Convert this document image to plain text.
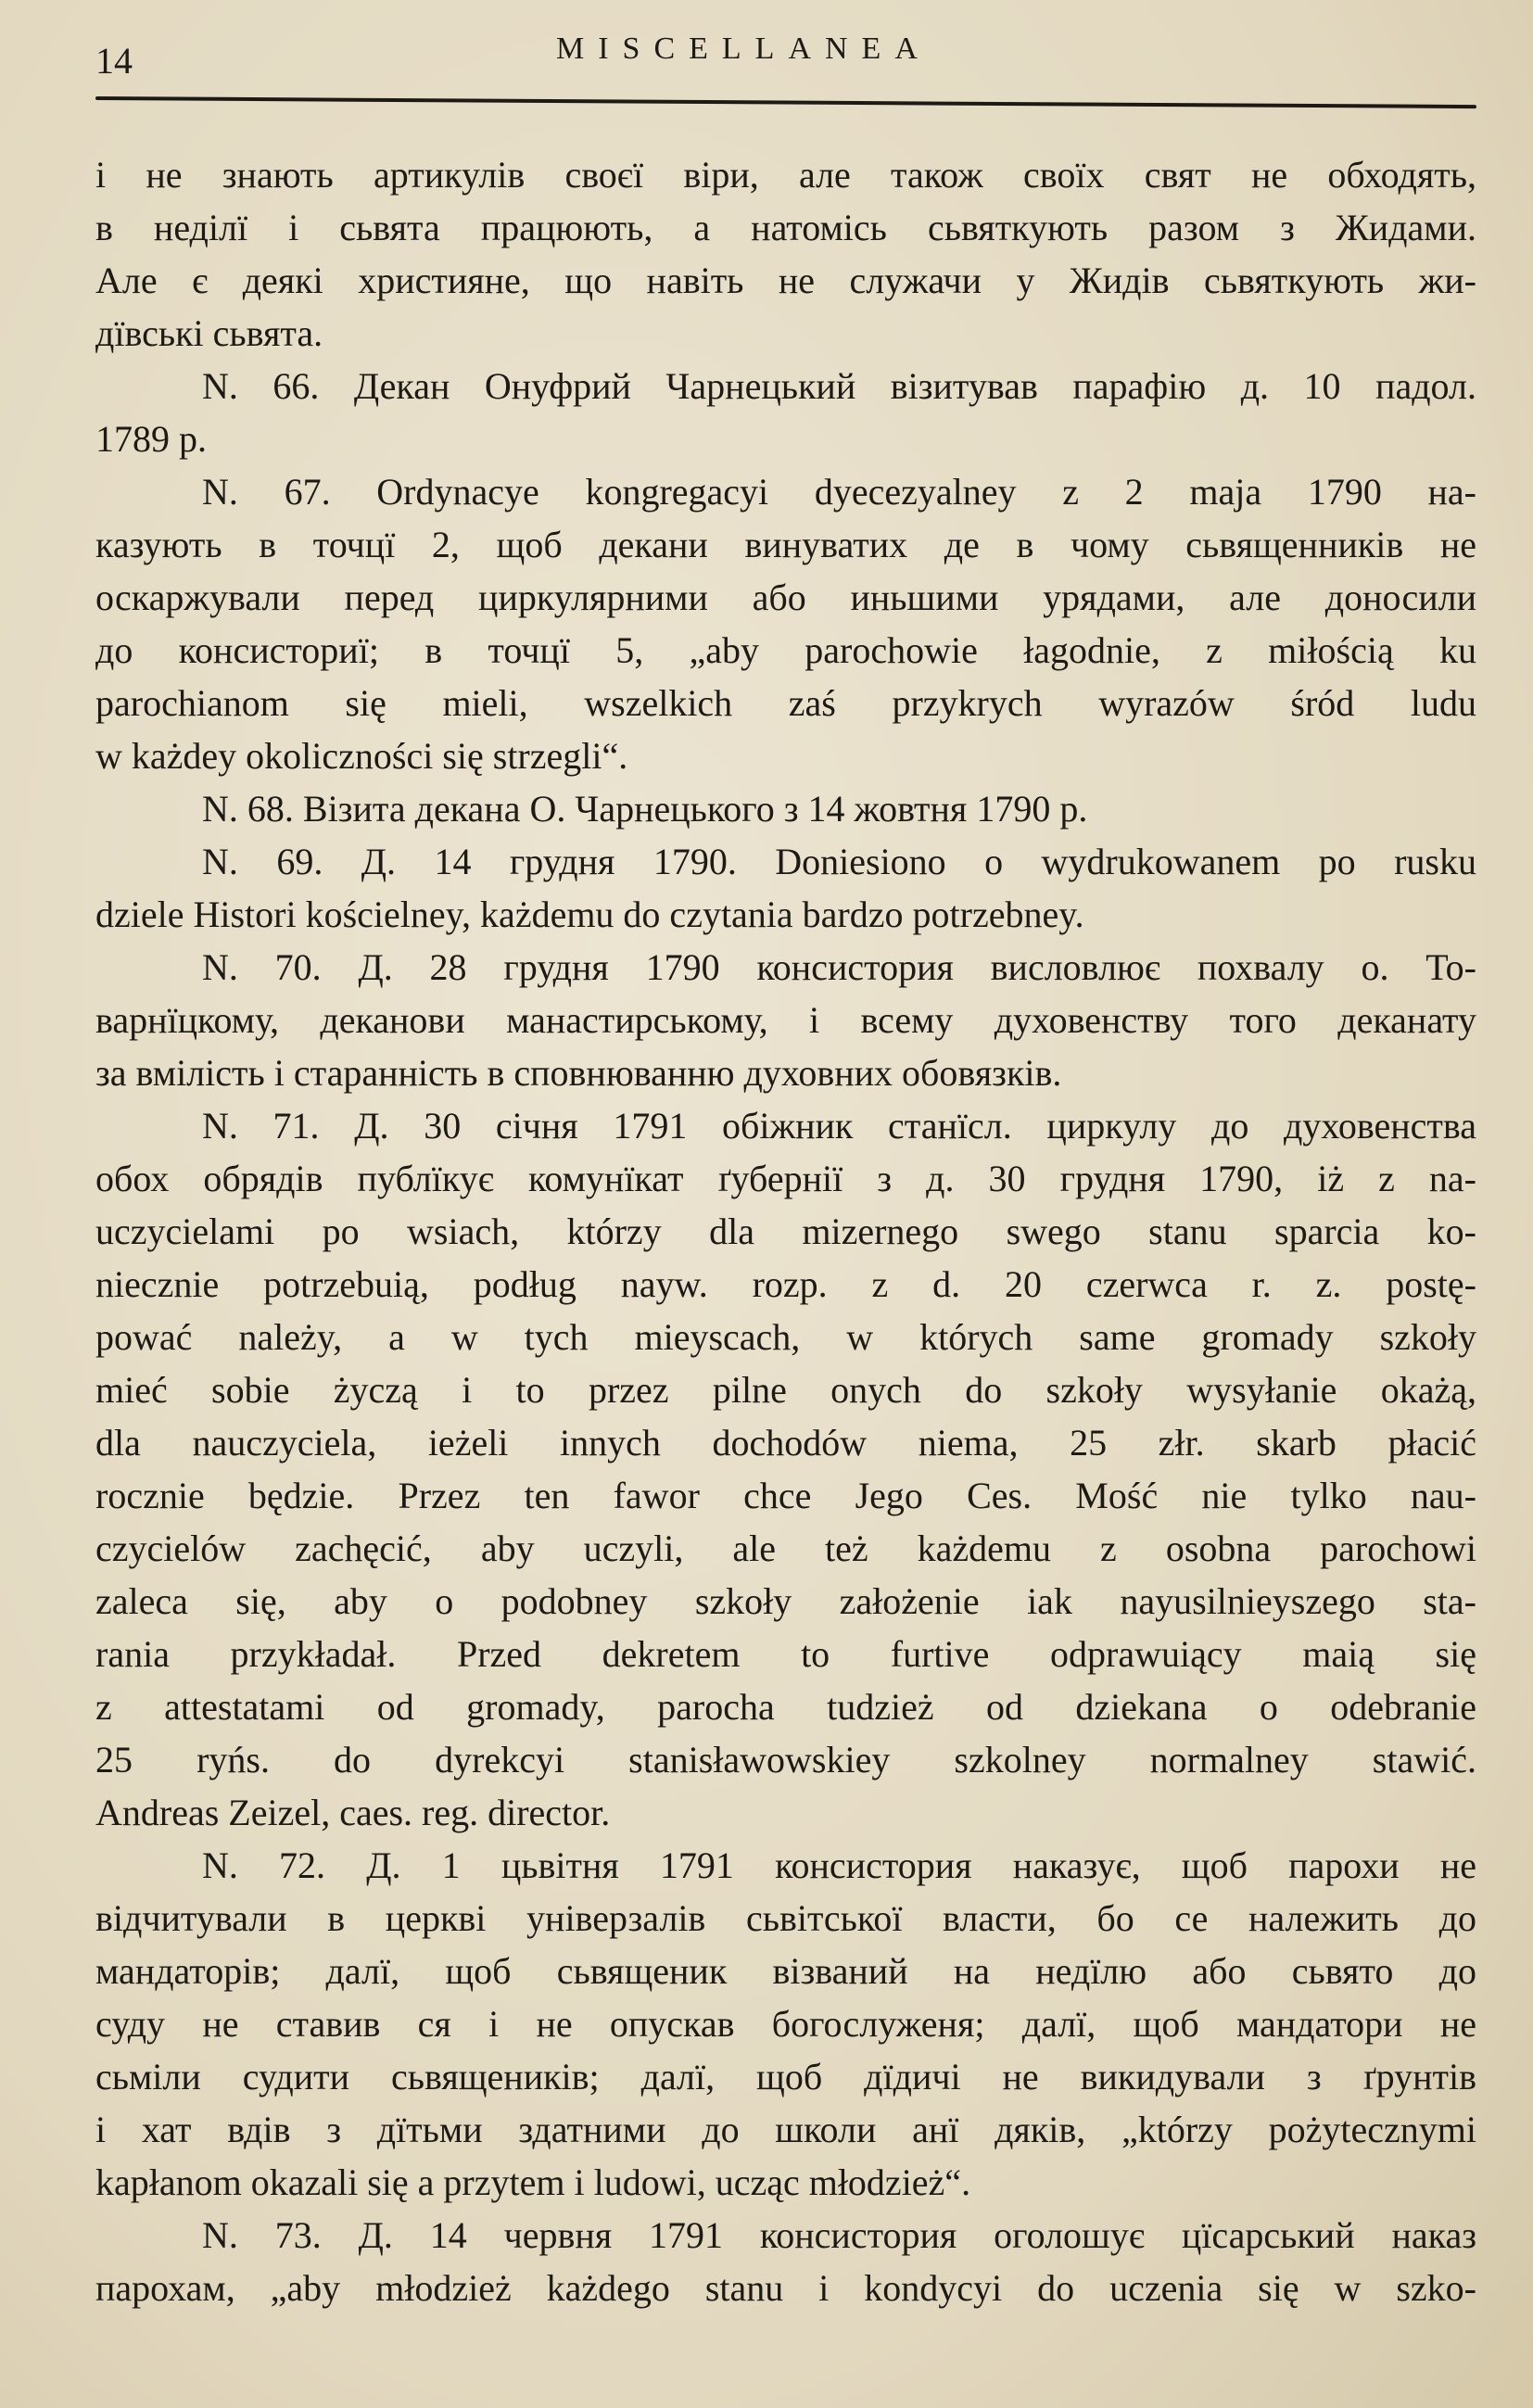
14	MISCELLANEA
і не знають артикулів своєї віри, але також своїх свят не обходять,
в неділї і сьвята працюють, а натомісь сьвяткують разом з Жидами.
Але є деякі християне, що навіть не служачи у Жидів сьвяткують жи-
дївські сьвята.
N. 66. Декан Онуфрий Чарнецький візитував парафію д. 10 падол.
1789 р.
N. 67. Ordynacye kongregacyi dyecezyalney z 2 maja 1790 на-
казують в точцї 2, щоб декани винуватих де в чому сьвященників не
оскаржували перед циркулярними або иньшими урядами, але доносили
до консисториї; в точцї 5, „aby parochowie łagodnie, z miłością ku
parochianom się mieli, wszelkich zaś przykrych wyrazów śród ludu
w każdey okoliczności się strzegli“.
N. 68. Візита декана О. Чарнецького з 14 жовтня 1790 р.
N. 69. Д. 14 грудня 1790. Doniesiono o wydrukowanem po rusku
dziele Histori kościelney, każdemu do czytania bardzo potrzebney.
N. 70. Д. 28 грудня 1790 консистория висловлює похвалу о. То-
варнїцкому, деканови манастирському, і всему духовенству того деканату
за вмілість і старанність в сповнюванню духовних обовязків.
N. 71. Д. 30 січня 1791 обіжник станїсл. циркулу до духовенства
обох обрядів публїкує комунїкат ґубернії з д. 30 грудня 1790, iż z na-
uczycielami po wsiach, którzy dla mizernego swego stanu sparcia ko-
niecznie potrzebuią, podług nayw. rozp. z d. 20 czerwca r. z. postę-
pować należy, a w tych mieyscach, w których same gromady szkoły
mieć sobie życzą i to przez pilne onych do szkoły wysyłanie okażą,
dla nauczyciela, ieżeli innych dochodów niema, 25 złr. skarb płacić
rocznie będzie. Przez ten fawor chce Jego Ces. Mość nie tylko nau-
czycielów zachęcić, aby uczyli, ale też każdemu z osobna parochowi
zaleca się, aby o podobney szkoły założenie iak nayusilnieyszego sta-
rania przykładał. Przed dekretem to furtive odprawuiący maią się
z attestatami od gromady, parocha tudzież od dziekana o odebranie
25 ryńs. do dyrekcyi stanisławowskiey szkolney normalney stawić.
Andreas Zeizel, caes. reg. director.
N. 72. Д. 1 цьвітня 1791 консистория наказує, щоб парохи не
відчитували в церкві універзалів сьвітської власти, бо се належить до
мандаторів; далї, щоб сьвященик візваний на недїлю або сьвято до
суду не ставив ся і не опускав богослуженя; далї, щоб мандатори не
сьміли судити сьвящеників; далї, щоб дїдичі не викидували з ґрунтів
і хат вдів з дїтьми здатними до школи анї дяків, „którzy pożytecznymi
kapłanom okazali się a przytem i ludowi, ucząc młodzież“.
N. 73. Д. 14 червня 1791 консистория оголошує цїсарський наказ
парохам, „aby młodzież każdego stanu i kondycyi do uczenia się w szko-
